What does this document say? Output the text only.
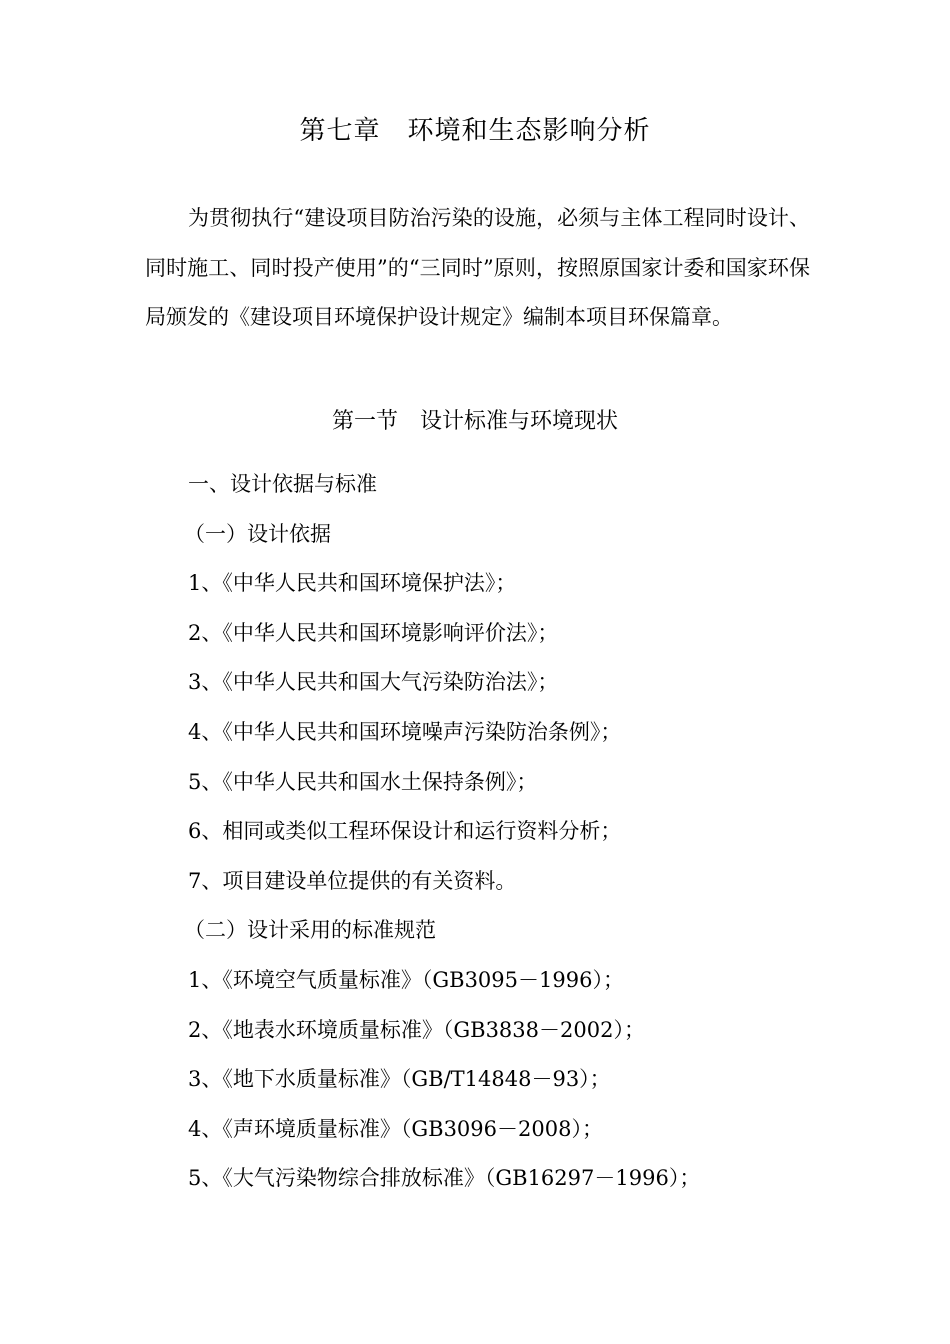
第七章　环境和生态影响分析

为贯彻执行“建设项目防治污染的设施，必须与主体工程同时设计、同时施工、同时投产使用”的“三同时”原则，按照原国家计委和国家环保局颁发的《建设项目环境保护设计规定》编制本项目环保篇章。

第一节　设计标准与环境现状
一、设计依据与标准
（一）设计依据
1、《中华人民共和国环境保护法》；
2、《中华人民共和国环境影响评价法》；
3、《中华人民共和国大气污染防治法》；
4、《中华人民共和国环境噪声污染防治条例》；
5、《中华人民共和国水土保持条例》；
6、相同或类似工程环保设计和运行资料分析；
7、项目建设单位提供的有关资料。
（二）设计采用的标准规范
1、《环境空气质量标准》（GB3095－1996）；
2、《地表水环境质量标准》（GB3838－2002）；
3、《地下水质量标准》（GB/T14848－93）；
4、《声环境质量标准》（GB3096－2008）；
5、《大气污染物综合排放标准》（GB16297－1996）；
